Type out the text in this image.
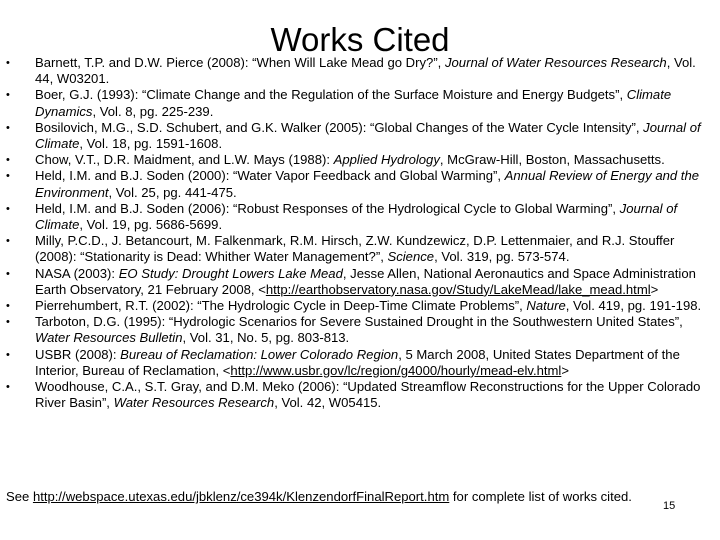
Works Cited
• Barnett, T.P. and D.W. Pierce (2008): “When Will Lake Mead go Dry?”, Journal of Water Resources Research, Vol. 44, W03201.
• Boer, G.J. (1993): “Climate Change and the Regulation of the Surface Moisture and Energy Budgets”, Climate Dynamics, Vol. 8, pg. 225-239.
• Bosilovich, M.G., S.D. Schubert, and G.K. Walker (2005): “Global Changes of the Water Cycle Intensity”, Journal of Climate, Vol. 18, pg. 1591-1608.
• Chow, V.T., D.R. Maidment, and L.W. Mays (1988): Applied Hydrology, McGraw-Hill, Boston, Massachusetts.
• Held, I.M. and B.J. Soden (2000): “Water Vapor Feedback and Global Warming”, Annual Review of Energy and the Environment, Vol. 25, pg. 441-475.
• Held, I.M. and B.J. Soden (2006): “Robust Responses of the Hydrological Cycle to Global Warming”, Journal of Climate, Vol. 19, pg. 5686-5699.
• Milly, P.C.D., J. Betancourt, M. Falkenmark, R.M. Hirsch, Z.W. Kundzewicz, D.P. Lettenmaier, and R.J. Stouffer (2008): “Stationarity is Dead: Whither Water Management?”, Science, Vol. 319, pg. 573-574.
• NASA (2003): EO Study: Drought Lowers Lake Mead, Jesse Allen, National Aeronautics and Space Administration Earth Observatory, 21 February 2008, <http://earthobservatory.nasa.gov/Study/LakeMead/lake_mead.html>
• Pierrehumbert, R.T. (2002): “The Hydrologic Cycle in Deep-Time Climate Problems”, Nature, Vol. 419, pg. 191-198.
• Tarboton, D.G. (1995): “Hydrologic Scenarios for Severe Sustained Drought in the Southwestern United States”, Water Resources Bulletin, Vol. 31, No. 5, pg. 803-813.
• USBR (2008): Bureau of Reclamation: Lower Colorado Region, 5 March 2008, United States Department of the Interior, Bureau of Reclamation, <http://www.usbr.gov/lc/region/g4000/hourly/mead-elv.html>
• Woodhouse, C.A., S.T. Gray, and D.M. Meko (2006): “Updated Streamflow Reconstructions for the Upper Colorado River Basin”, Water Resources Research, Vol. 42, W05415.
See http://webspace.utexas.edu/jbklenz/ce394k/KlenzendorfFinalReport.htm for complete list of works cited.
15
